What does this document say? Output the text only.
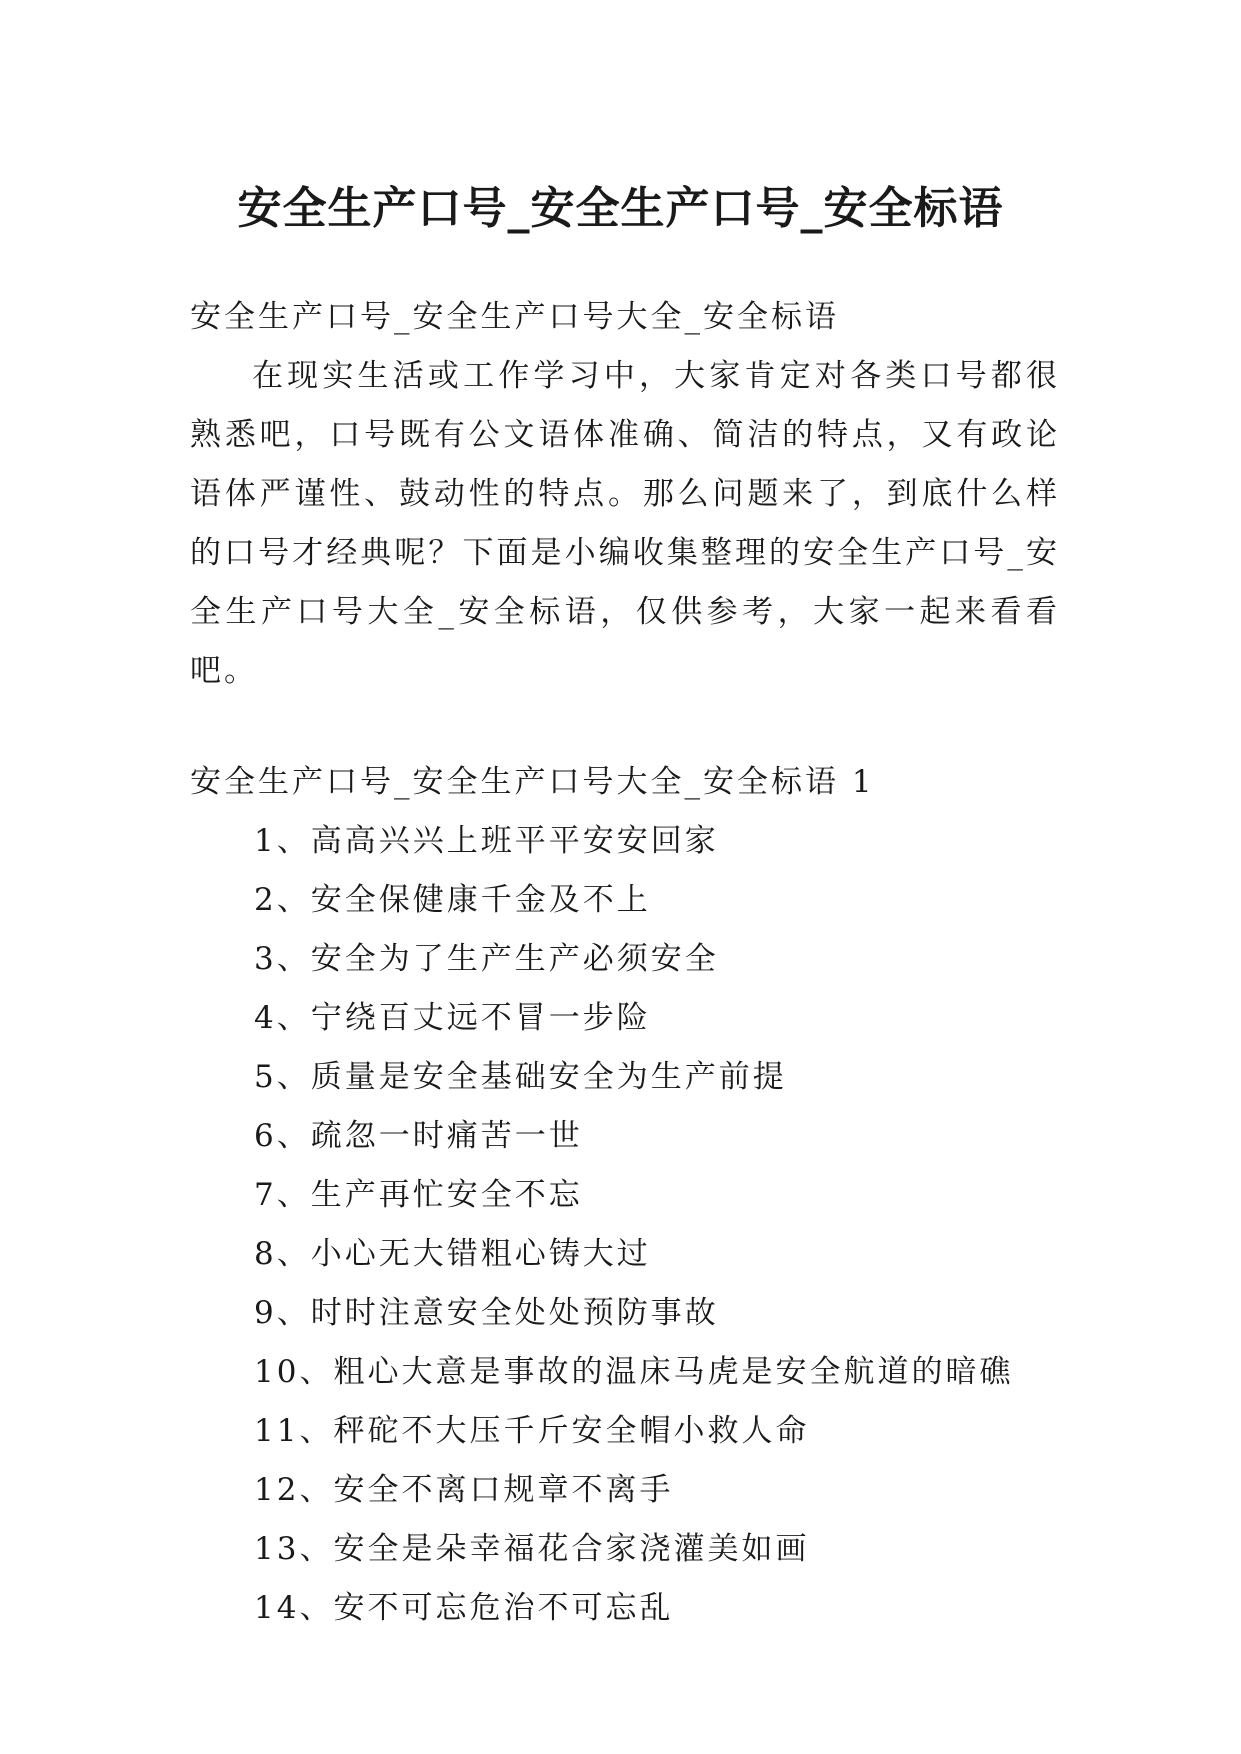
安全生产口号_安全生产口号_安全标语

安全生产口号_安全生产口号大全_安全标语

在现实生活或工作学习中，大家肯定对各类口号都很熟悉吧，口号既有公文语体准确、简洁的特点，又有政论语体严谨性、鼓动性的特点。那么问题来了，到底什么样的口号才经典呢？下面是小编收集整理的安全生产口号_安全生产口号大全_安全标语，仅供参考，大家一起来看看吧。

安全生产口号_安全生产口号大全_安全标语 1

1、高高兴兴上班平平安安回家
2、安全保健康千金及不上
3、安全为了生产生产必须安全
4、宁绕百丈远不冒一步险
5、质量是安全基础安全为生产前提
6、疏忽一时痛苦一世
7、生产再忙安全不忘
8、小心无大错粗心铸大过
9、时时注意安全处处预防事故
10、粗心大意是事故的温床马虎是安全航道的暗礁
11、秤砣不大压千斤安全帽小救人命
12、安全不离口规章不离手
13、安全是朵幸福花合家浇灌美如画
14、安不可忘危治不可忘乱
